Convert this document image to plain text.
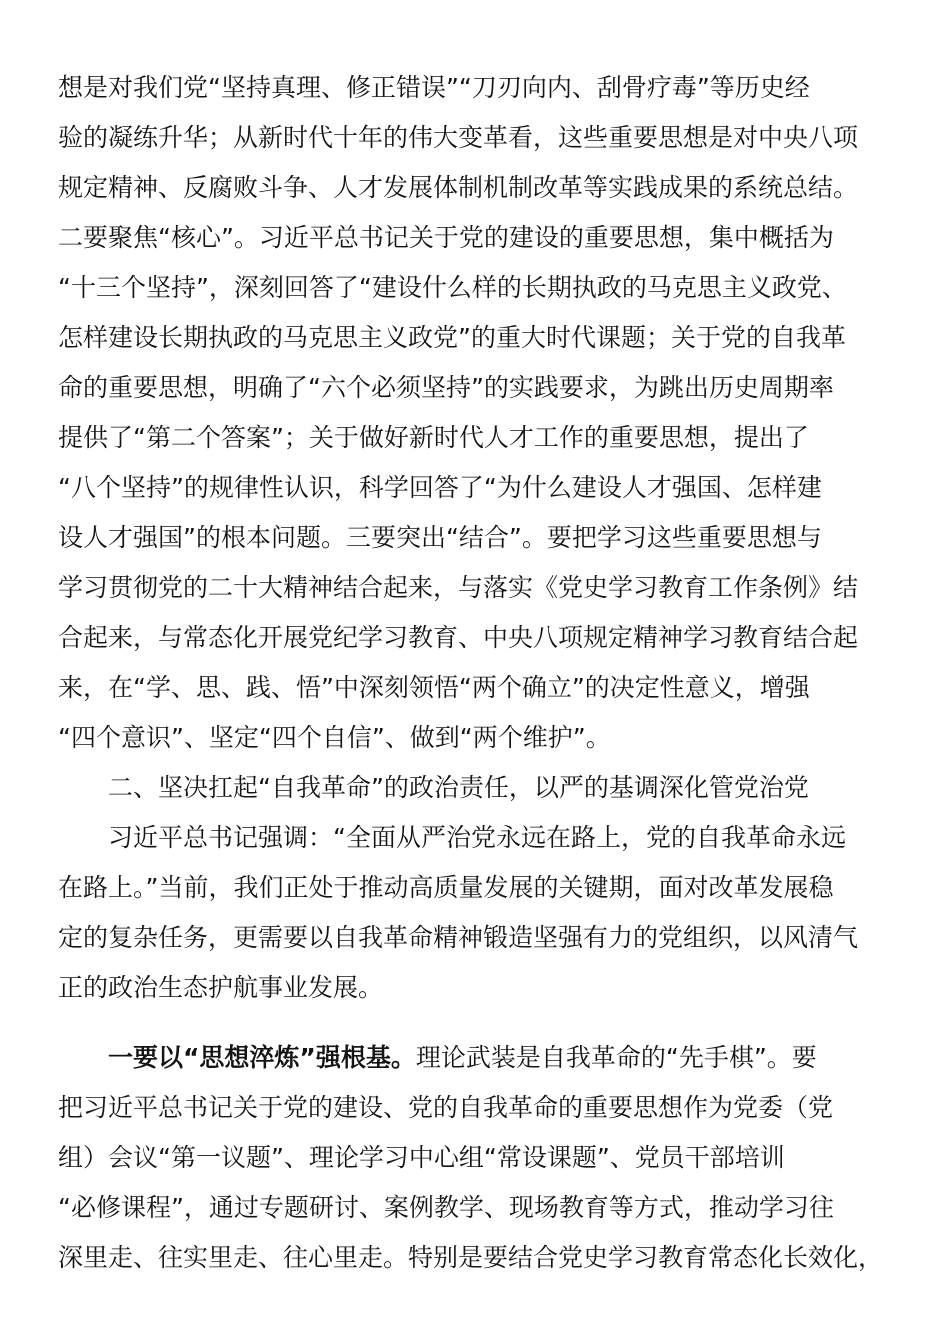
想是对我们党“坚持真理、修正错误”“刀刃向内、刮骨疗毒”等历史经
验的凝练升华；从新时代十年的伟大变革看，这些重要思想是对中央八项
规定精神、反腐败斗争、人才发展体制机制改革等实践成果的系统总结。
二要聚焦“核心”。习近平总书记关于党的建设的重要思想，集中概括为
“十三个坚持”，深刻回答了“建设什么样的长期执政的马克思主义政党、
怎样建设长期执政的马克思主义政党”的重大时代课题；关于党的自我革
命的重要思想，明确了“六个必须坚持”的实践要求，为跳出历史周期率
提供了“第二个答案”；关于做好新时代人才工作的重要思想，提出了
“八个坚持”的规律性认识，科学回答了“为什么建设人才强国、怎样建
设人才强国”的根本问题。三要突出“结合”。要把学习这些重要思想与
学习贯彻党的二十大精神结合起来，与落实《党史学习教育工作条例》结
合起来，与常态化开展党纪学习教育、中央八项规定精神学习教育结合起
来，在“学、思、践、悟”中深刻领悟“两个确立”的决定性意义，增强
“四个意识”、坚定“四个自信”、做到“两个维护”。
二、坚决扛起“自我革命”的政治责任，以严的基调深化管党治党
习近平总书记强调：“全面从严治党永远在路上，党的自我革命永远
在路上。”当前，我们正处于推动高质量发展的关键期，面对改革发展稳
定的复杂任务，更需要以自我革命精神锻造坚强有力的党组织，以风清气
正的政治生态护航事业发展。
一要以“思想淬炼”强根基。理论武装是自我革命的“先手棋”。要
把习近平总书记关于党的建设、党的自我革命的重要思想作为党委（党
组）会议“第一议题”、理论学习中心组“常设课题”、党员干部培训
“必修课程”，通过专题研讨、案例教学、现场教育等方式，推动学习往
深里走、往实里走、往心里走。特别是要结合党史学习教育常态化长效化，
